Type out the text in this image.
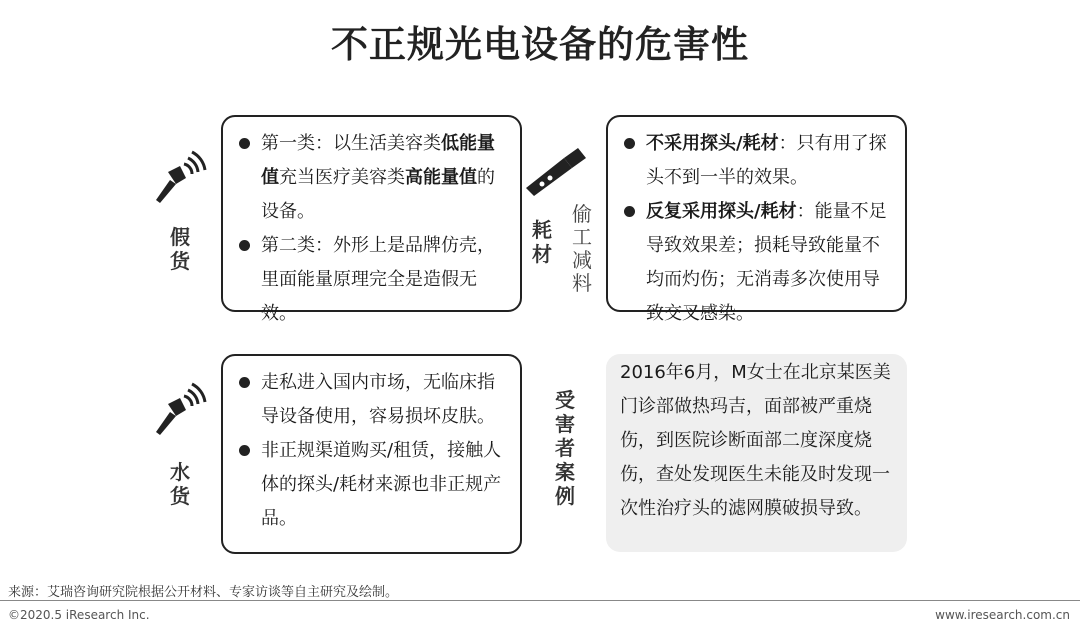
不正规光电设备的危害性
假货
第一类：以生活美容类低能量值充当医疗美容类高能量值的设备。
第二类：外形上是品牌仿壳，里面能量原理完全是造假无效。
耗材
偷工减料
不采用探头/耗材：只有用了探头不到一半的效果。
反复采用探头/耗材：能量不足导致效果差；损耗导致能量不均而灼伤；无消毒多次使用导致交叉感染。
水货
走私进入国内市场，无临床指导设备使用，容易损坏皮肤。
非正规渠道购买/租赁，接触人体的探头/耗材来源也非正规产品。
受害者案例
2016年6月，M女士在北京某医美门诊部做热玛吉，面部被严重烧伤，到医院诊断面部二度深度烧伤，查处发现医生未能及时发现一次性治疗头的滤网膜破损导致。
来源：艾瑞咨询研究院根据公开材料、专家访谈等自主研究及绘制。
©2020.5 iResearch Inc.	www.iresearch.com.cn
